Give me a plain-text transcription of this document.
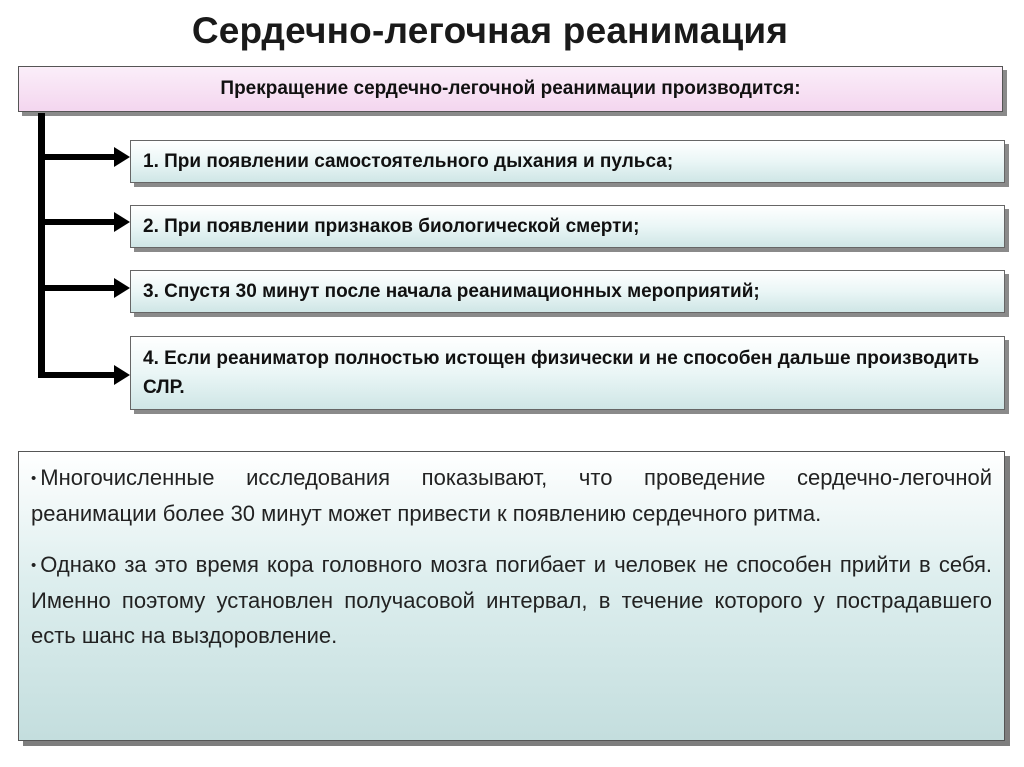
Сердечно-легочная реанимация
Прекращение сердечно-легочной реанимации производится:
1. При появлении самостоятельного дыхания и пульса;
2. При появлении признаков биологической смерти;
3. Спустя 30 минут после начала реанимационных мероприятий;
4. Если реаниматор полностью истощен физически и не способен дальше производить СЛР.

• Многочисленные исследования показывают, что проведение сердечно-легочной реанимации более 30 минут может привести к появлению сердечного ритма.

• Однако за это время кора головного мозга погибает и человек не способен прийти в себя. Именно поэтому установлен получасовой интервал, в течение которого у пострадавшего есть шанс на выздоровление.
